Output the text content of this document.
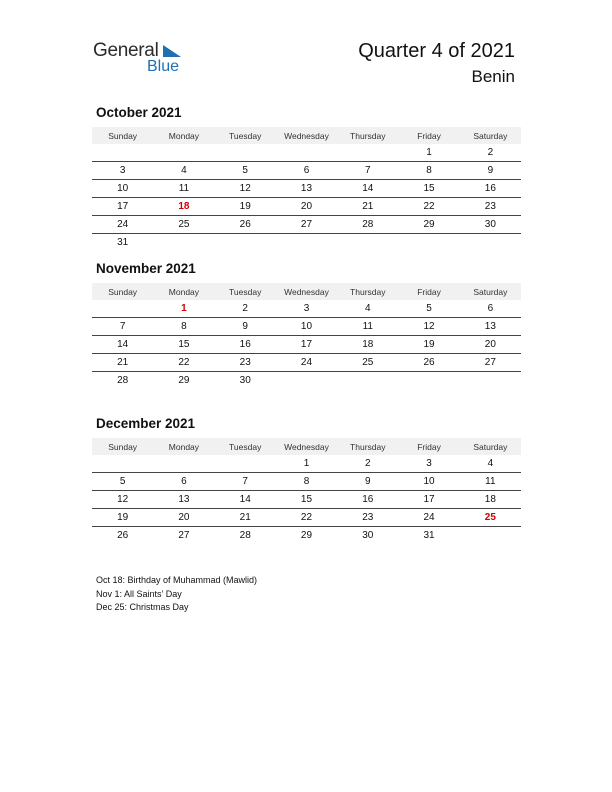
General
Blue
Quarter 4 of 2021
Benin
October 2021
Sunday	Monday	Tuesday	Wednesday	Thursday	Friday	Saturday
					1	2
3	4	5	6	7	8	9
10	11	12	13	14	15	16
17	18	19	20	21	22	23
24	25	26	27	28	29	30
31						
November 2021
Sunday	Monday	Tuesday	Wednesday	Thursday	Friday	Saturday
	1	2	3	4	5	6
7	8	9	10	11	12	13
14	15	16	17	18	19	20
21	22	23	24	25	26	27
28	29	30				
December 2021
Sunday	Monday	Tuesday	Wednesday	Thursday	Friday	Saturday
			1	2	3	4
5	6	7	8	9	10	11
12	13	14	15	16	17	18
19	20	21	22	23	24	25
26	27	28	29	30	31	
Oct 18: Birthday of Muhammad (Mawlid)
Nov 1: All Saints’ Day
Dec 25: Christmas Day
